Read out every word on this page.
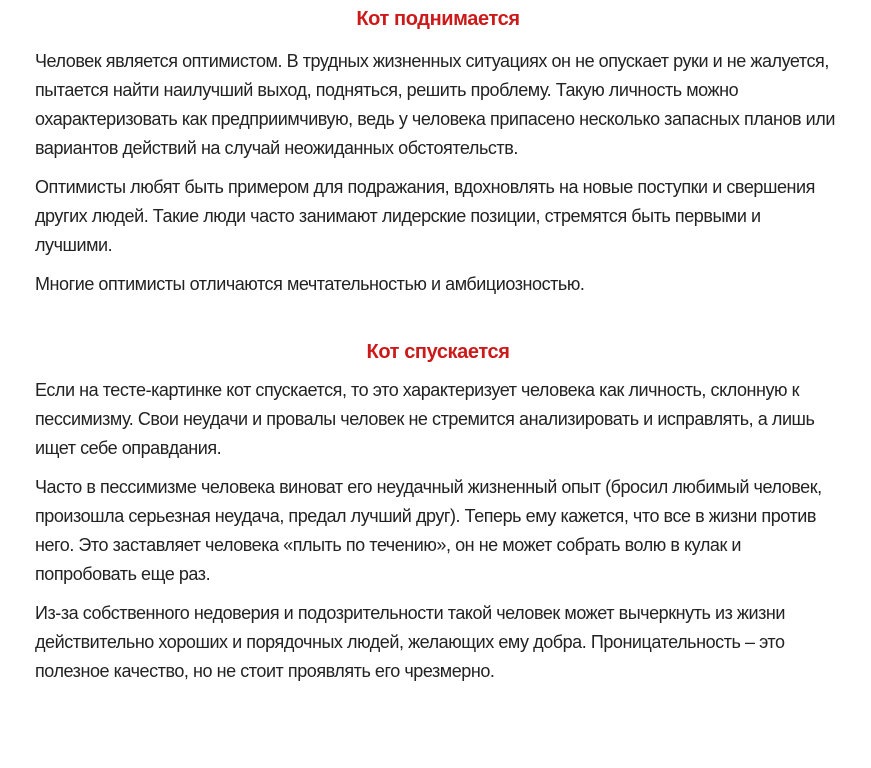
Кот поднимается

Человек является оптимистом. В трудных жизненных ситуациях он не опускает руки и не жалуется, пытается найти наилучший выход, подняться, решить проблему. Такую личность можно охарактеризовать как предприимчивую, ведь у человека припасено несколько запасных планов или вариантов действий на случай неожиданных обстоятельств.

Оптимисты любят быть примером для подражания, вдохновлять на новые поступки и свершения других людей. Такие люди часто занимают лидерские позиции, стремятся быть первыми и лучшими.

Многие оптимисты отличаются мечтательностью и амбициозностью.

Кот спускается

Если на тесте-картинке кот спускается, то это характеризует человека как личность, склонную к пессимизму. Свои неудачи и провалы человек не стремится анализировать и исправлять, а лишь ищет себе оправдания.

Часто в пессимизме человека виноват его неудачный жизненный опыт (бросил любимый человек, произошла серьезная неудача, предал лучший друг). Теперь ему кажется, что все в жизни против него. Это заставляет человека «плыть по течению», он не может собрать волю в кулак и попробовать еще раз.

Из-за собственного недоверия и подозрительности такой человек может вычеркнуть из жизни действительно хороших и порядочных людей, желающих ему добра. Проницательность – это полезное качество, но не стоит проявлять его чрезмерно.
